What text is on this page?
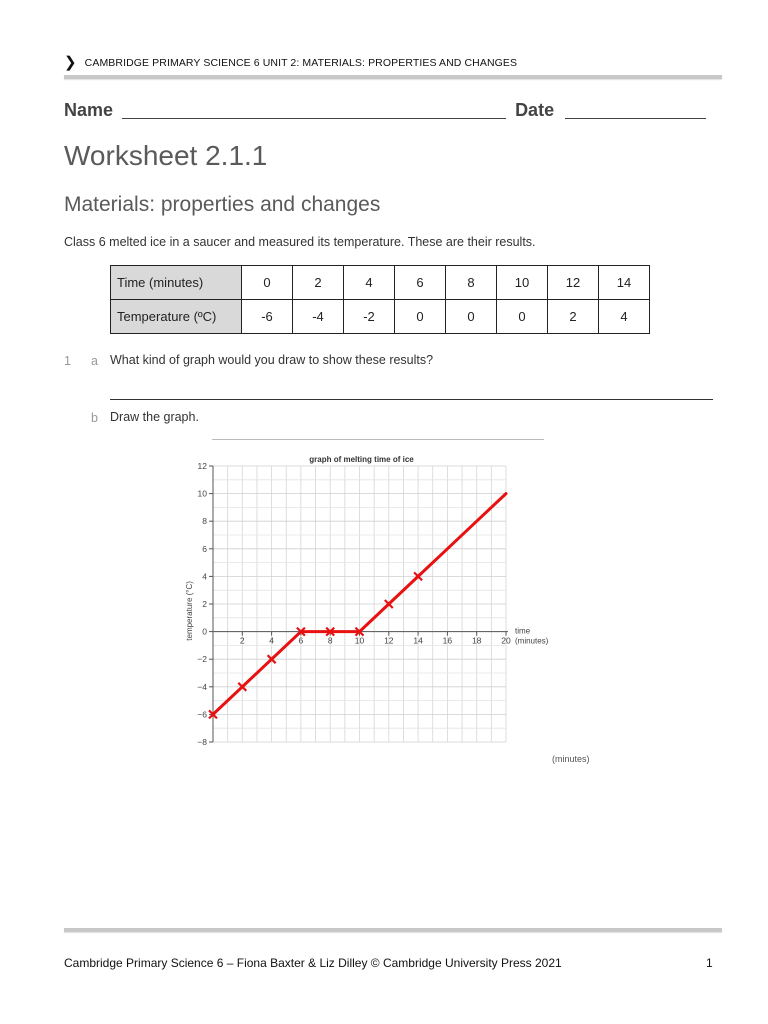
❯ CAMBRIDGE PRIMARY SCIENCE 6 UNIT 2: MATERIALS: PROPERTIES AND CHANGES
Name	Date
Worksheet 2.1.1
Materials: properties and changes
Class 6 melted ice in a saucer and measured its temperature. These are their results.
Time (minutes)	0	2	4	6	8	10	12	14
Temperature (ºC)	-6	-4	-2	0	0	0	2	4
1 a What kind of graph would you draw to show these results?
b Draw the graph.
12
10
8
6
4
2
0
−2
−4
−6
−8
2	4	6	8	10 12 14 16 18 20
graph of melting time of ice
time
(minutes)
temperature (°C)
(minutes)
Cambridge Primary Science 6 – Fiona Baxter & Liz Dilley © Cambridge University Press 2021	1
